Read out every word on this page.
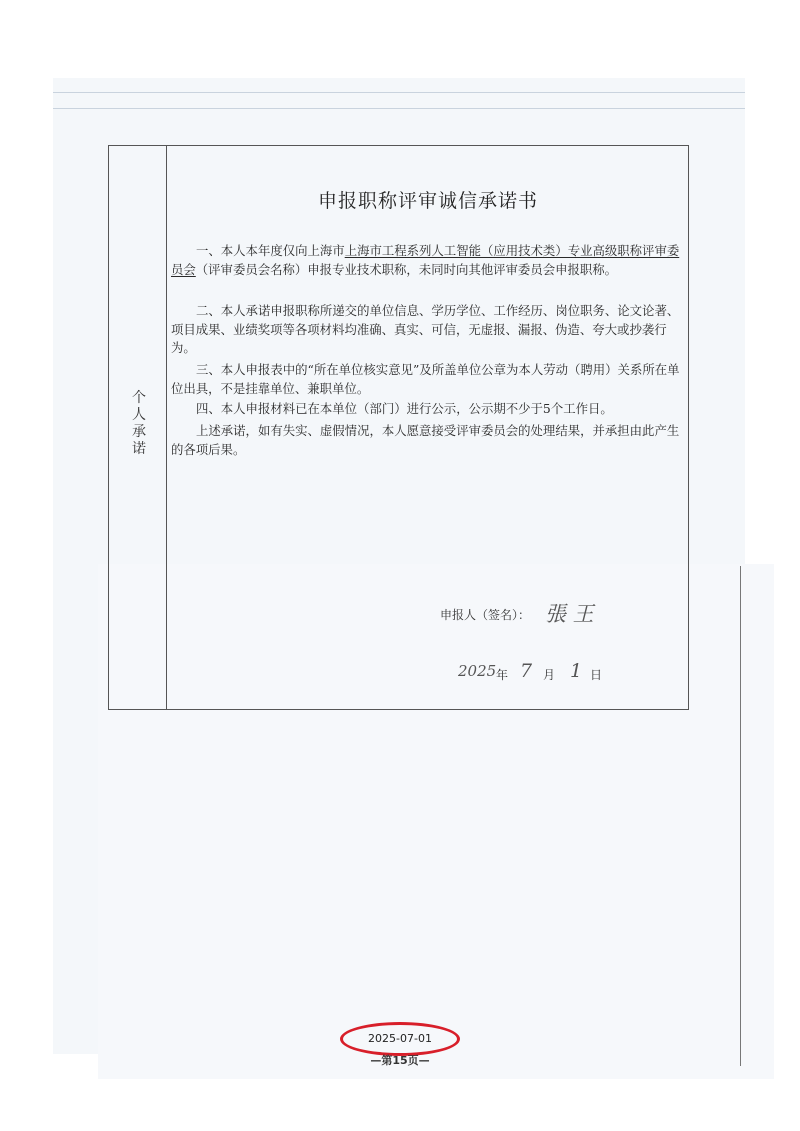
个人承诺
申报职称评审诚信承诺书

一、本人本年度仅向上海市上海市工程系列人工智能（应用技术类）专业高级职称评审委员会（评审委员会名称）申报专业技术职称，未同时向其他评审委员会申报职称。

二、本人承诺申报职称所递交的单位信息、学历学位、工作经历、岗位职务、论文论著、项目成果、业绩奖项等各项材料均准确、真实、可信，无虚报、漏报、伪造、夸大或抄袭行为。

三、本人申报表中的“所在单位核实意见”及所盖单位公章为本人劳动（聘用）关系所在单位出具，不是挂靠单位、兼职单位。

四、本人申报材料已在本单位（部门）进行公示，公示期不少于5个工作日。

上述承诺，如有失实、虚假情况，本人愿意接受评审委员会的处理结果，并承担由此产生的各项后果。

申报人（签名）： 張 王
2025 年 7 月 1 日
2025-07-01
—第15页—
